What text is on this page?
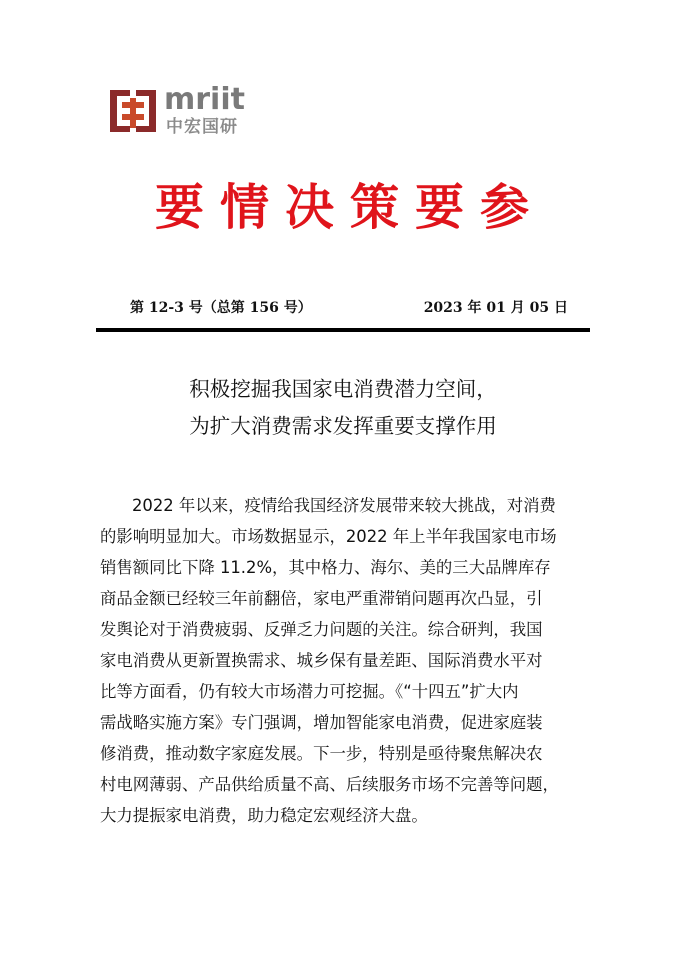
mriit
中宏国研
要情决策要参
第 12-3 号（总第 156 号）	2023 年 01 月 05 日
积极挖掘我国家电消费潜力空间，
为扩大消费需求发挥重要支撑作用
2022 年以来，疫情给我国经济发展带来较大挑战，对消费
的影响明显加大。市场数据显示，2022 年上半年我国家电市场
销售额同比下降 11.2%，其中格力、海尔、美的三大品牌库存
商品金额已经较三年前翻倍，家电严重滞销问题再次凸显，引
发舆论对于消费疲弱、反弹乏力问题的关注。综合研判，我国
家电消费从更新置换需求、城乡保有量差距、国际消费水平对
比等方面看，仍有较大市场潜力可挖掘。《“十四五”扩大内
需战略实施方案》专门强调，增加智能家电消费，促进家庭装
修消费，推动数字家庭发展。下一步，特别是亟待聚焦解决农
村电网薄弱、产品供给质量不高、后续服务市场不完善等问题，
大力提振家电消费，助力稳定宏观经济大盘。
